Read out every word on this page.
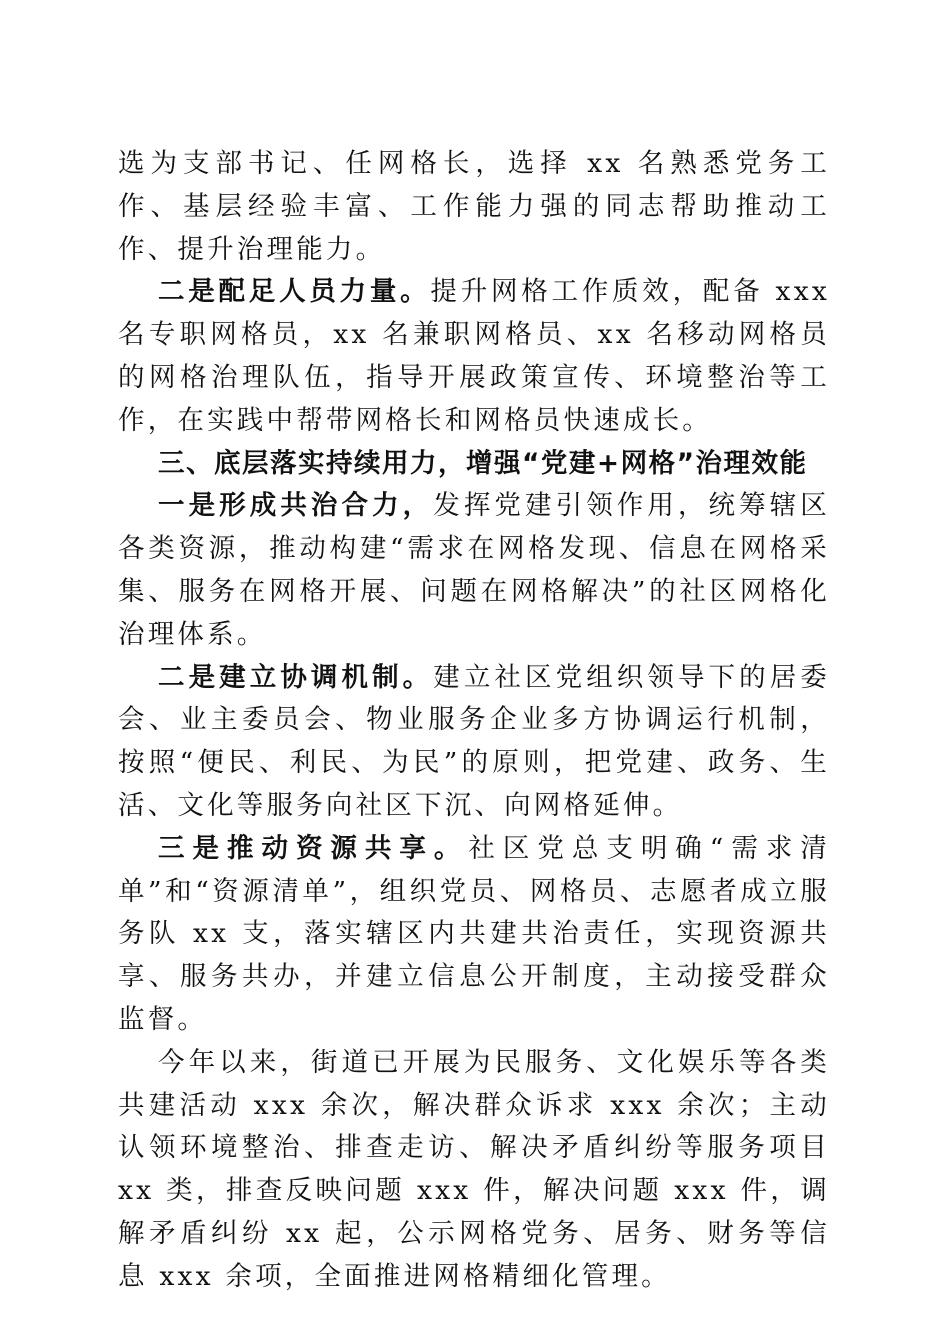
选为支部书记、任网格长，选择 xx 名熟悉党务工作、基层经验丰富、工作能力强的同志帮助推动工作、提升治理能力。

二是配足人员力量。提升网格工作质效，配备 xxx 名专职网格员，xx 名兼职网格员、xx 名移动网格员的网格治理队伍，指导开展政策宣传、环境整治等工作，在实践中帮带网格长和网格员快速成长。

三、底层落实持续用力，增强“党建+网格”治理效能

一是形成共治合力，发挥党建引领作用，统筹辖区各类资源，推动构建“需求在网格发现、信息在网格采集、服务在网格开展、问题在网格解决”的社区网格化治理体系。

二是建立协调机制。建立社区党组织领导下的居委会、业主委员会、物业服务企业多方协调运行机制，按照“便民、利民、为民”的原则，把党建、政务、生活、文化等服务向社区下沉、向网格延伸。

三是推动资源共享。社区党总支明确“需求清单”和“资源清单”，组织党员、网格员、志愿者成立服务队 xx 支，落实辖区内共建共治责任，实现资源共享、服务共办，并建立信息公开制度，主动接受群众监督。

今年以来，街道已开展为民服务、文化娱乐等各类共建活动 xxx 余次，解决群众诉求 xxx 余次；主动认领环境整治、排查走访、解决矛盾纠纷等服务项目 xx 类，排查反映问题 xxx 件，解决问题 xxx 件，调解矛盾纠纷 xx 起，公示网格党务、居务、财务等信息 xxx 余项，全面推进网格精细化管理。
